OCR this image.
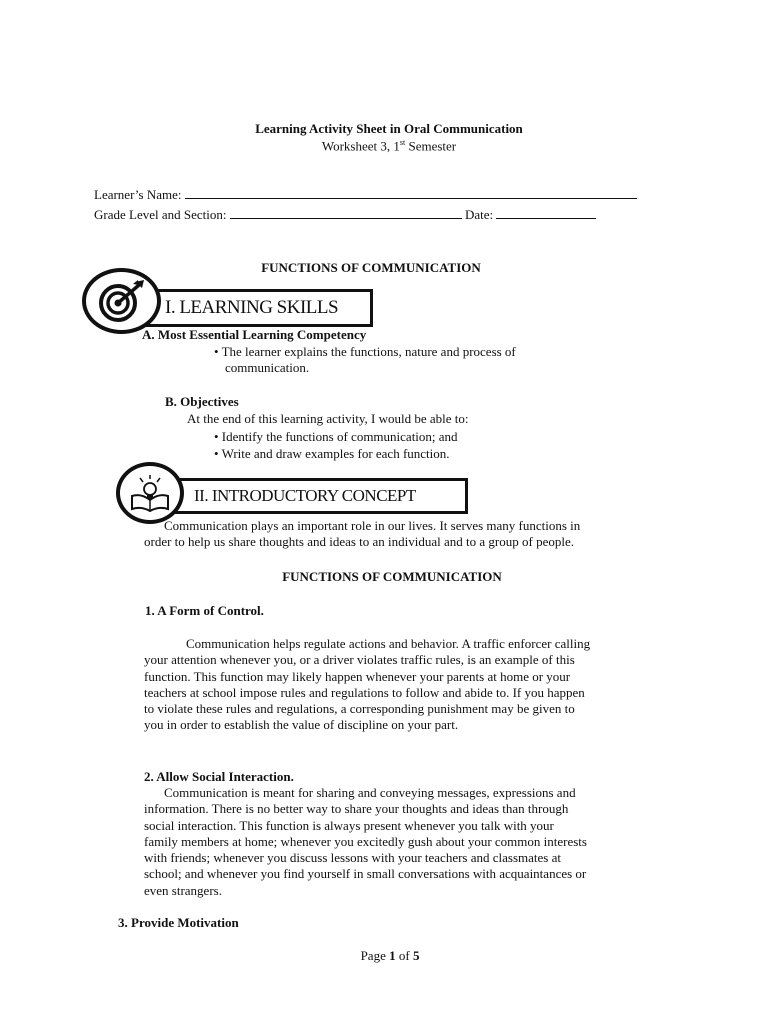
Learning Activity Sheet in Oral Communication
Worksheet 3, 1st Semester
Learner’s Name:
Grade Level and Section:	Date:
FUNCTIONS OF COMMUNICATION
I. LEARNING SKILLS
A. Most Essential Learning Competency
• The learner explains the functions, nature and process of
communication.
B. Objectives
At the end of this learning activity, I would be able to:
• Identify the functions of communication; and
• Write and draw examples for each function.
II. INTRODUCTORY CONCEPT
Communication plays an important role in our lives. It serves many functions in
order to help us share thoughts and ideas to an individual and to a group of people.
FUNCTIONS OF COMMUNICATION
1. A Form of Control.
Communication helps regulate actions and behavior. A traffic enforcer calling
your attention whenever you, or a driver violates traffic rules, is an example of this
function. This function may likely happen whenever your parents at home or your
teachers at school impose rules and regulations to follow and abide to. If you happen
to violate these rules and regulations, a corresponding punishment may be given to
you in order to establish the value of discipline on your part.
2. Allow Social Interaction.
Communication is meant for sharing and conveying messages, expressions and
information. There is no better way to share your thoughts and ideas than through
social interaction. This function is always present whenever you talk with your
family members at home; whenever you excitedly gush about your common interests
with friends; whenever you discuss lessons with your teachers and classmates at
school; and whenever you find yourself in small conversations with acquaintances or
even strangers.
3. Provide Motivation
Page 1 of 5
